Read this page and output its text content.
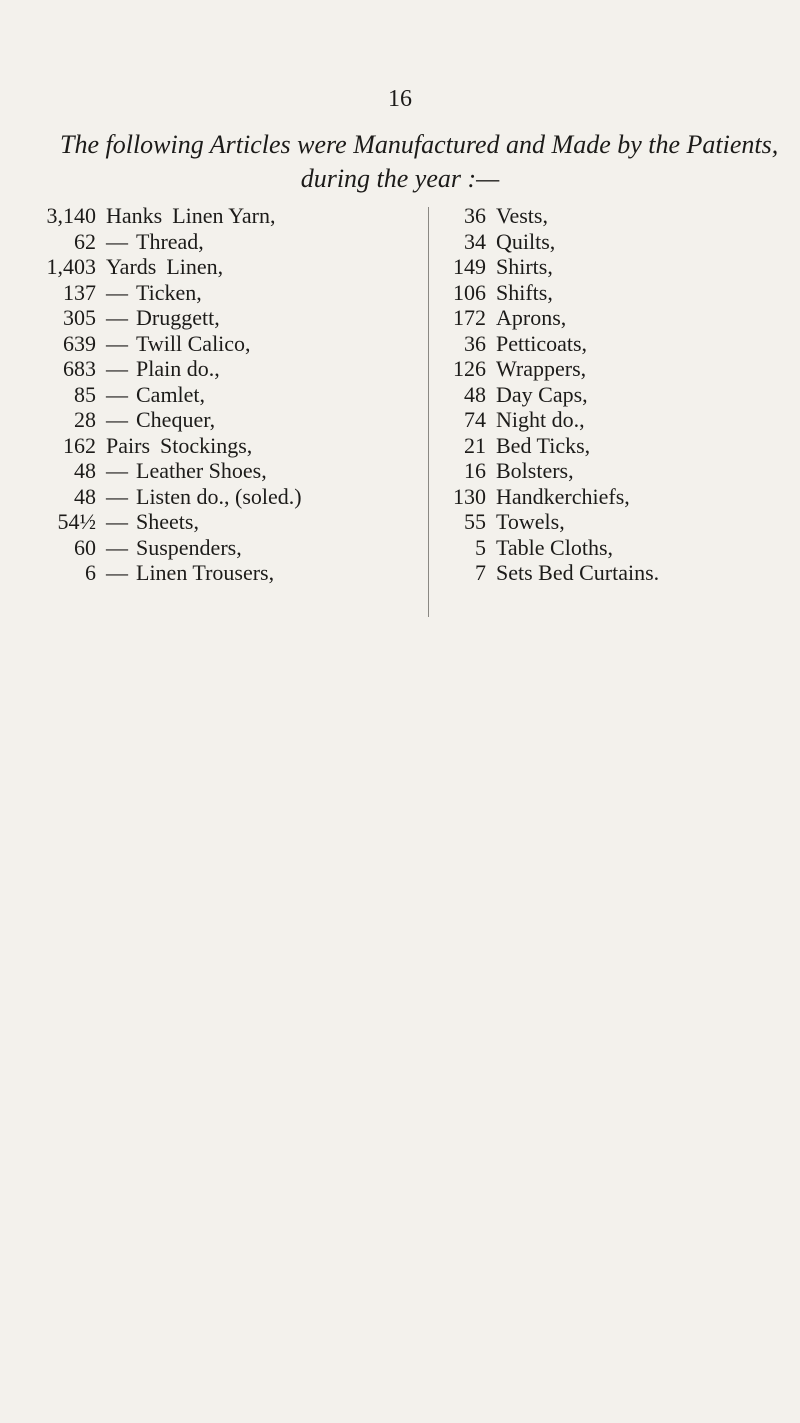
16
The following Articles were Manufactured and Made by the Patients,
during the year :—
3,140 Hanks Linen Yarn,
62 — Thread,
1,403 Yards Linen,
137 — Ticken,
305 — Druggett,
639 — Twill Calico,
683 — Plain do.,
85 — Camlet,
28 — Chequer,
162 Pairs Stockings,
48 — Leather Shoes,
48 — Listen do., (soled.)
54½ — Sheets,
60 — Suspenders,
6 — Linen Trousers,
36 Vests,
34 Quilts,
149 Shirts,
106 Shifts,
172 Aprons,
36 Petticoats,
126 Wrappers,
48 Day Caps,
74 Night do.,
21 Bed Ticks,
16 Bolsters,
130 Handkerchiefs,
55 Towels,
5 Table Cloths,
7 Sets Bed Curtains.
